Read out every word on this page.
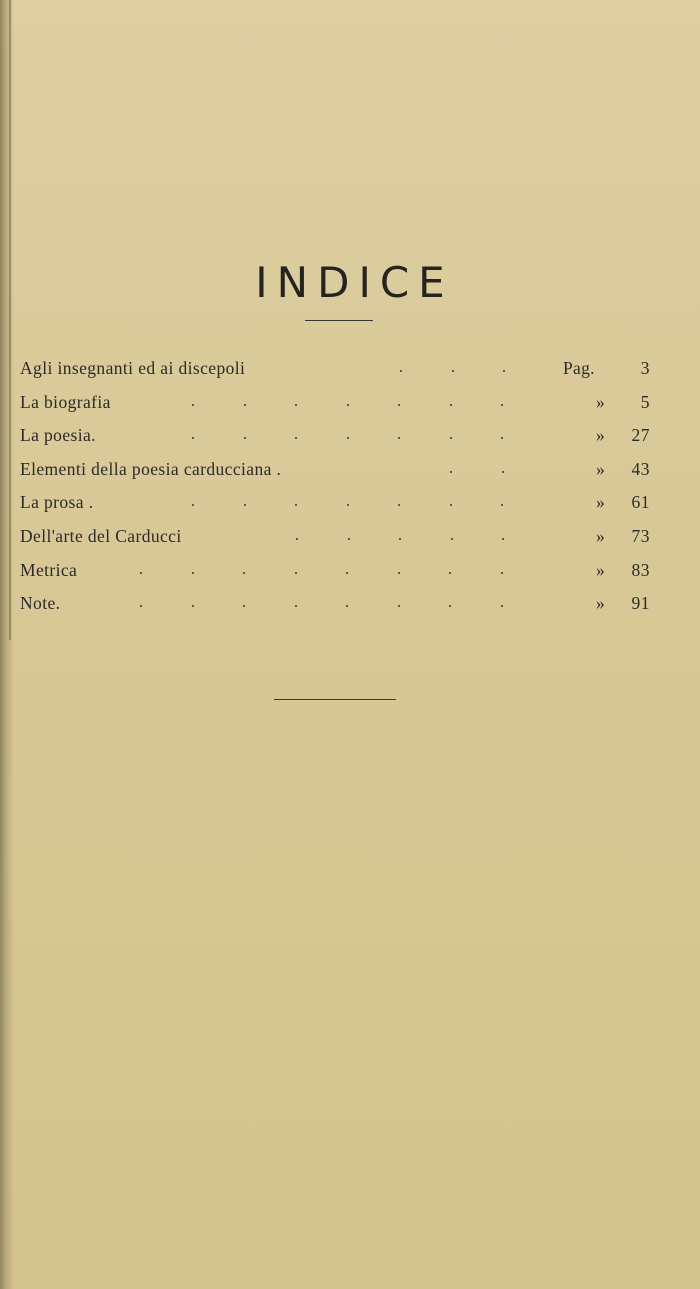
INDICE
Agli insegnanti ed ai discepoli	Pag.	3
La biografia	» 5
La poesia.	» 27
Elementi della poesia carducciana .	» 43
La prosa .	» 61
Dell'arte del Carducci	» 73
Metrica	» 83
Note.	» 91
